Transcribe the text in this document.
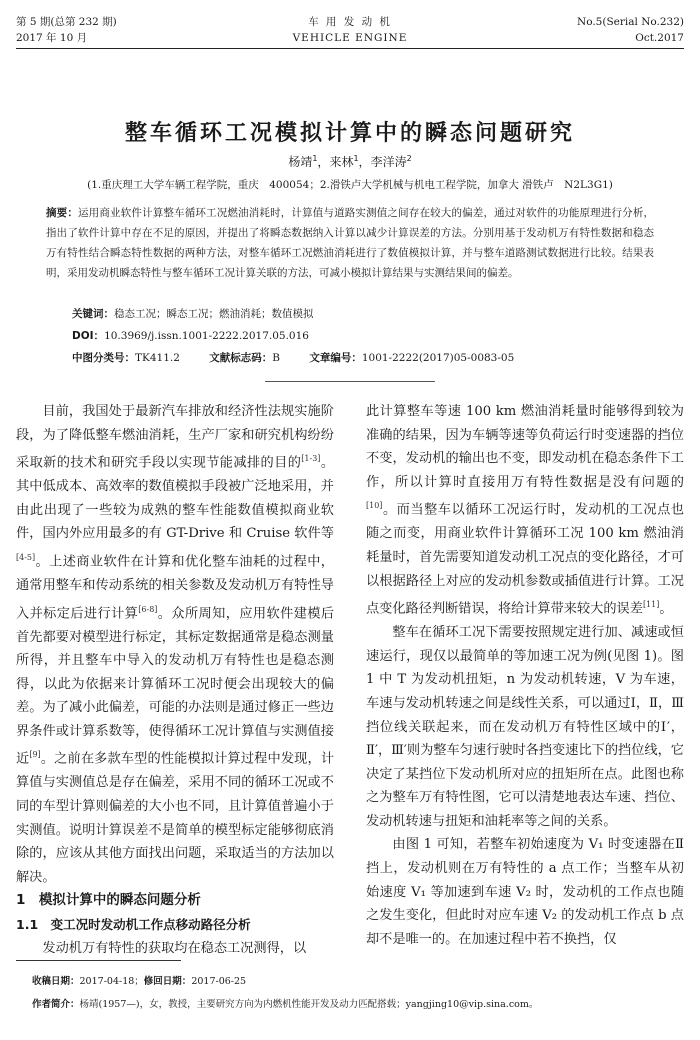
第 5 期(总第 232 期)
2017 年 10 月
车 用 发 动 机
VEHICLE ENGINE
No.5(Serial No.232)
Oct.2017
整车循环工况模拟计算中的瞬态问题研究
杨靖$^1$，来林$^1$，李洋涛$^2$
(1.重庆理工大学车辆工程学院，重庆　400054；2.滑铁卢大学机械与机电工程学院，加拿大 滑铁卢　N2L3G1)
摘要：运用商业软件计算整车循环工况燃油消耗时，计算值与道路实测值之间存在较大的偏差，通过对软件的功能原理进行分析，指出了软件计算中存在不足的原因，并提出了将瞬态数据纳入计算以减少计算误差的方法。分别用基于发动机万有特性数据和稳态万有特性结合瞬态特性数据的两种方法，对整车循环工况燃油消耗进行了数值模拟计算，并与整车道路测试数据进行比较。结果表明，采用发动机瞬态特性与整车循环工况计算关联的方法，可减小模拟计算结果与实测结果间的偏差。
关键词：稳态工况；瞬态工况；燃油消耗；数值模拟
DOI：10.3969/j.issn.1001-2222.2017.05.016
中图分类号：TK411.2	文献标志码：B	文章编号：1001-2222(2017)05-0083-05

目前，我国处于最新汽车排放和经济性法规实施阶段，为了降低整车燃油消耗，生产厂家和研究机构纷纷采取新的技术和研究手段以实现节能减排的目的[1-3]。其中低成本、高效率的数值模拟手段被广泛地采用，并由此出现了一些较为成熟的整车性能数值模拟商业软件，国内外应用最多的有 GT-Drive 和 Cruise 软件等[4-5]。上述商业软件在计算和优化整车油耗的过程中，通常用整车和传动系统的相关参数及发动机万有特性导入并标定后进行计算[6-8]。众所周知，应用软件建模后首先都要对模型进行标定，其标定数据通常是稳态测量所得，并且整车中导入的发动机万有特性也是稳态测得，以此为依据来计算循环工况时便会出现较大的偏差。为了减小此偏差，可能的办法则是通过修正一些边界条件或计算系数等，使得循环工况计算值与实测值接近[9]。之前在多款车型的性能模拟计算过程中发现，计算值与实测值总是存在偏差，采用不同的循环工况或不同的车型计算则偏差的大小也不同，且计算值普遍小于实测值。说明计算误差不是简单的模型标定能够彻底消除的，应该从其他方面找出问题，采取适当的方法加以解决。

1　模拟计算中的瞬态问题分析

1.1　变工况时发动机工作点移动路径分析

发动机万有特性的获取均在稳态工况测得，以

此计算整车等速 100 km 燃油消耗量时能够得到较为准确的结果，因为车辆等速等负荷运行时变速器的挡位不变，发动机的输出也不变，即发动机在稳态条件下工作，所以计算时直接用万有特性数据是没有问题的[10]。而当整车以循环工况运行时，发动机的工况点也随之而变，用商业软件计算循环工况 100 km 燃油消耗量时，首先需要知道发动机工况点的变化路径，才可以根据路径上对应的发动机参数或插值进行计算。工况点变化路径判断错误，将给计算带来较大的误差[11]。

整车在循环工况下需要按照规定进行加、减速或恒速运行，现仅以最简单的等加速工况为例(见图 1)。图 1 中 T 为发动机扭矩，n 为发动机转速，V 为车速，车速与发动机转速之间是线性关系，可以通过Ⅰ，Ⅱ，Ⅲ挡位线关联起来，而在发动机万有特性区域中的Ⅰ′，Ⅱ′，Ⅲ′则为整车匀速行驶时各挡变速比下的挡位线，它决定了某挡位下发动机所对应的扭矩所在点。此图也称之为整车万有特性图，它可以清楚地表达车速、挡位、发动机转速与扭矩和油耗率等之间的关系。

由图 1 可知，若整车初始速度为 V₁ 时变速器在Ⅱ挡上，发动机则在万有特性的 a 点工作；当整车从初始速度 V₁ 等加速到车速 V₂ 时，发动机的工作点也随之发生变化，但此时对应车速 V₂ 的发动机工作点 b 点却不是唯一的。在加速过程中若不换挡，仅

收稿日期：2017-04-18；修回日期：2017-06-25
作者简介：杨靖(1957—)，女，教授，主要研究方向为内燃机性能开发及动力匹配搭载；yangjing10@vip.sina.com。
